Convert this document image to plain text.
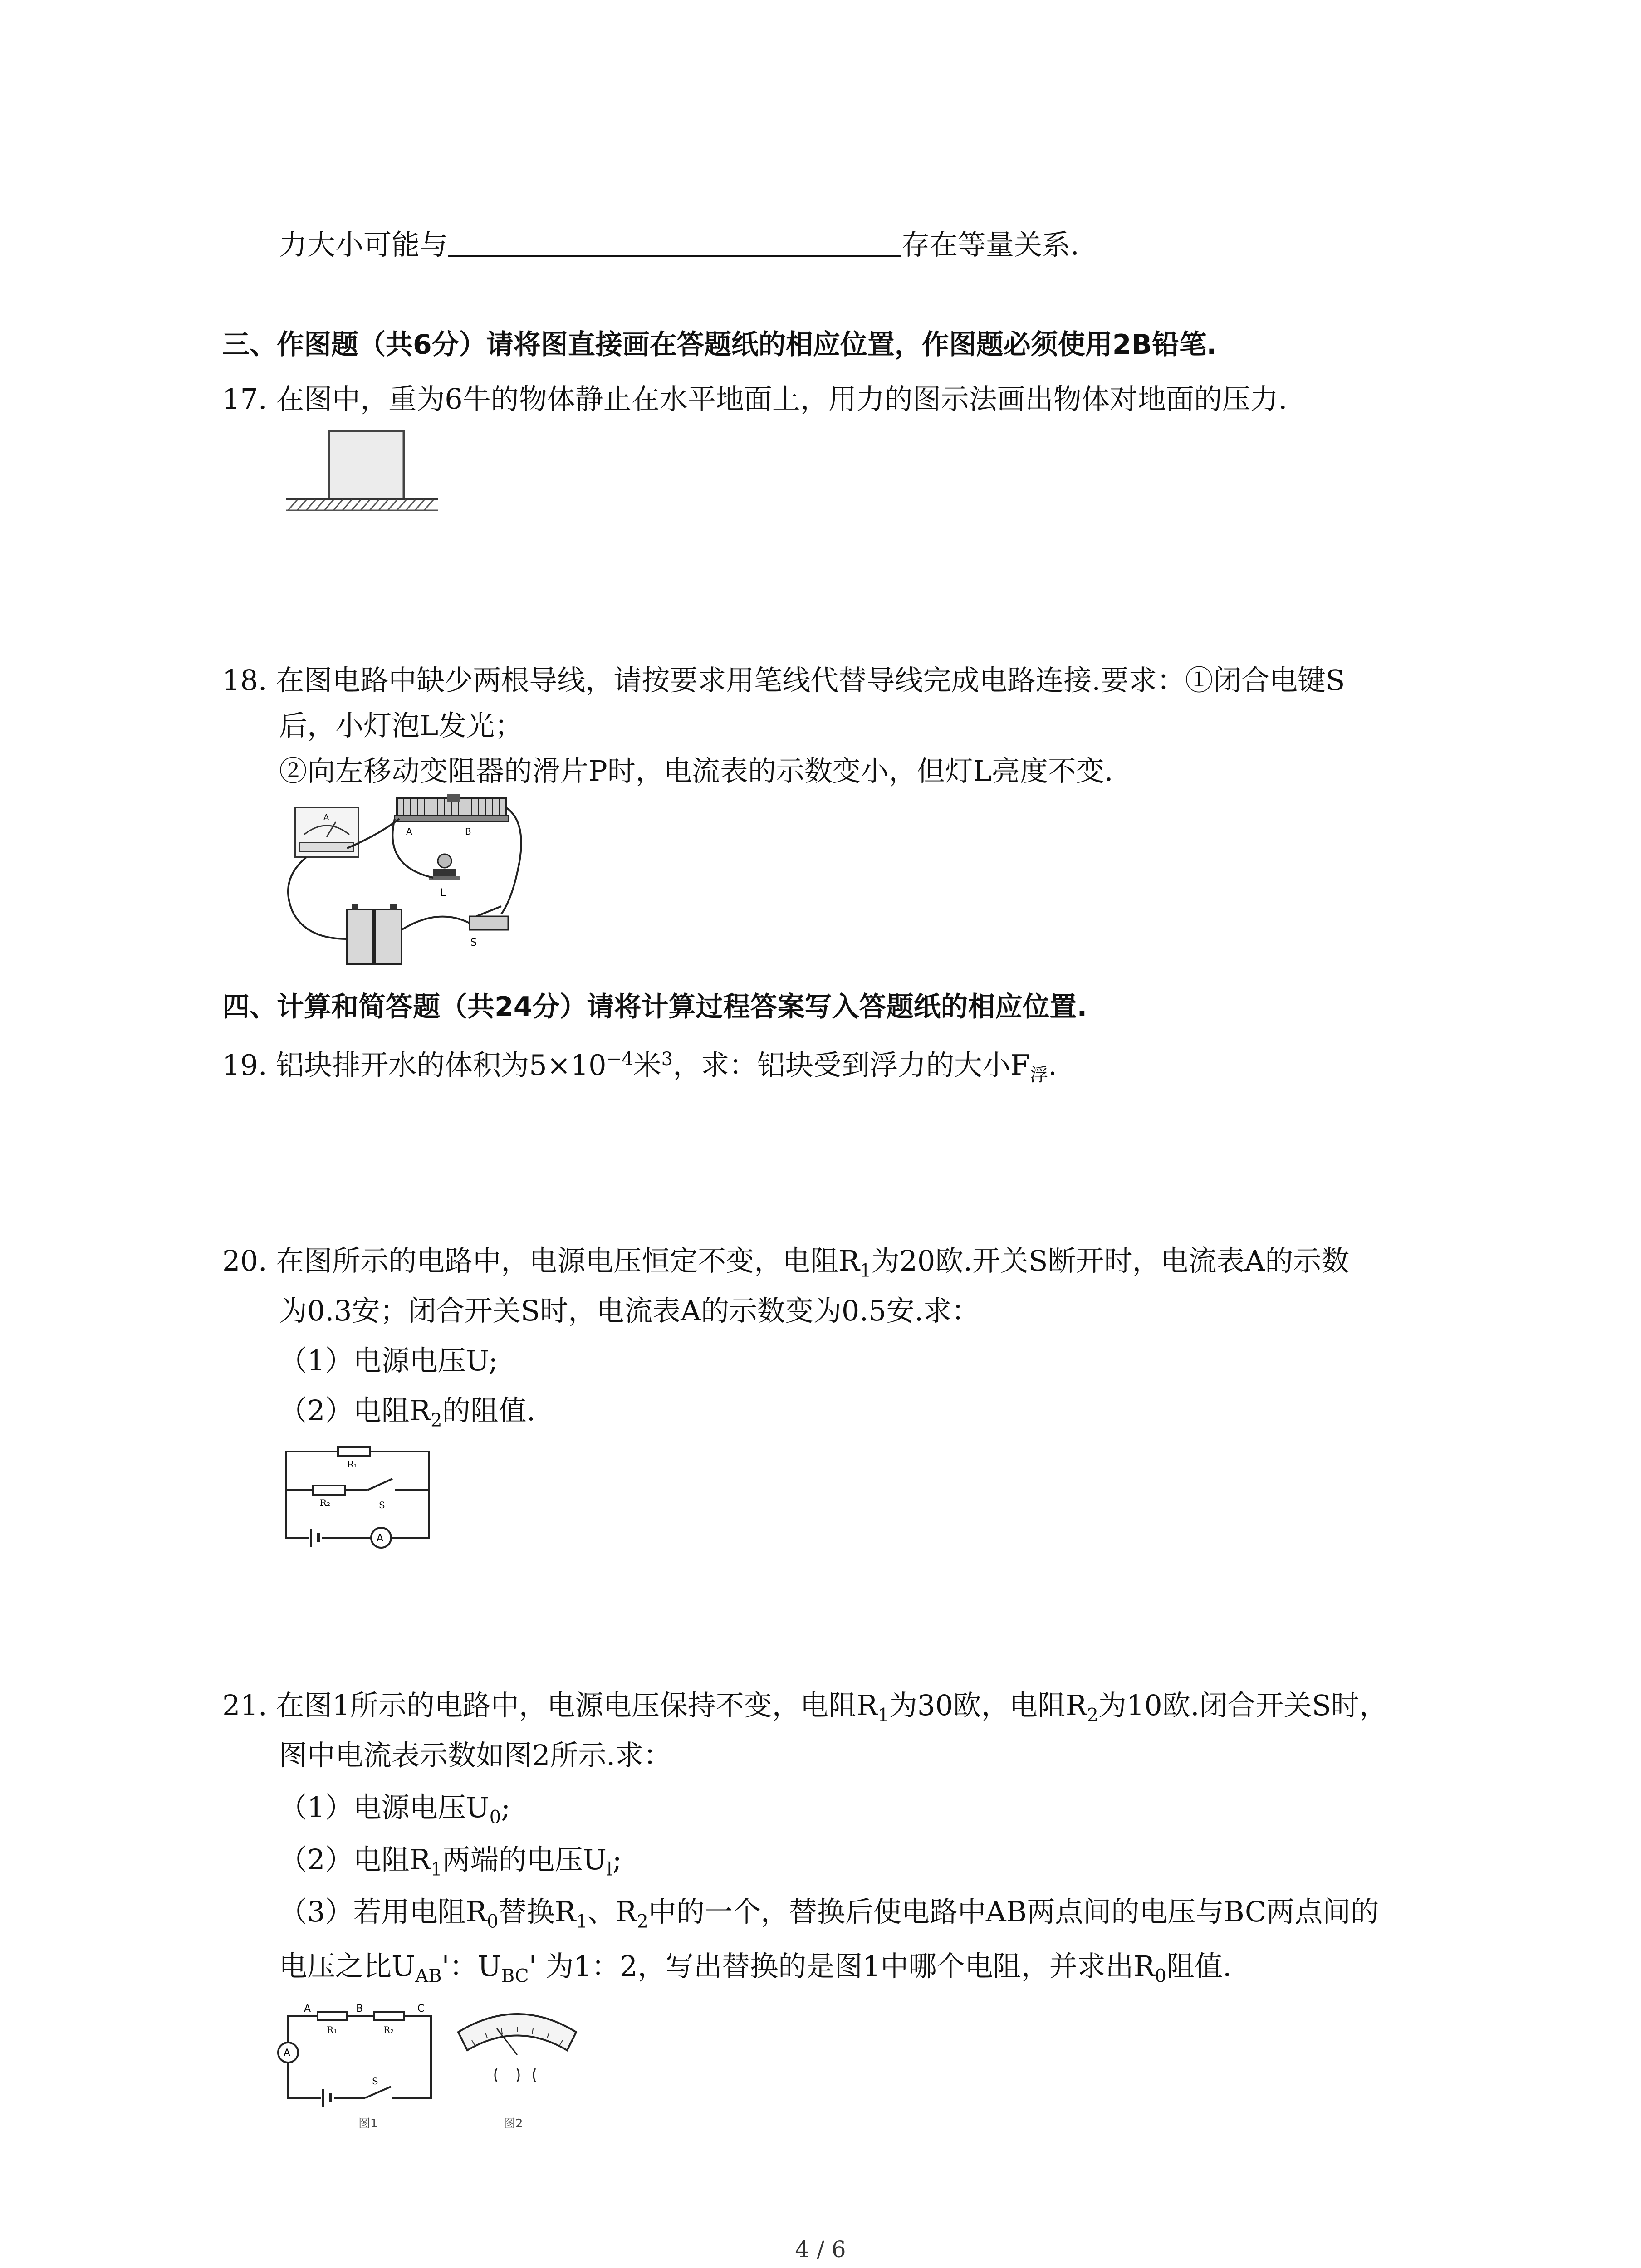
力大小可能与	存在等量关系.
三、作图题（共6分）请将图直接画在答题纸的相应位置，作图题必须使用2B铅笔.
17. 在图中，重为6牛的物体静止在水平地面上，用力的图示法画出物体对地面的压力.
18. 在图电路中缺少两根导线，请按要求用笔线代替导线完成电路连接.要求：①闭合电键S
后，小灯泡L发光；
②向左移动变阻器的滑片P时，电流表的示数变小，但灯L亮度不变.
A
A	B
L
S
四、计算和简答题（共24分）请将计算过程答案写入答题纸的相应位置.
19. 铝块排开水的体积为$5\times 10^{-4}$米$^3$，求：铝块受到浮力的大小$F_浮$.
20. 在图所示的电路中，电源电压恒定不变，电阻$R_1$为20欧.开关S断开时，电流表A的示数
为0.3安；闭合开关S时，电流表A的示数变为0.5安.求：
（1）电源电压U;
（2）电阻$R_2$的阻值.
R₁
R₂	S
A
21. 在图1所示的电路中，电源电压保持不变，电阻$R_1$为30欧，电阻$R_2$为10欧.闭合开关S时，
图中电流表示数如图2所示.求：
（1）电源电压$U_0$;
（2）电阻$R_1$两端的电压$U_l$;
（3）若用电阻$R_0$替换$R_1$、$R_2$中的一个，替换后使电路中AB两点间的电压与BC两点间的
电压之比$U_{AB}'$：$U_{BC}'$ 为1：2，写出替换的是图1中哪个电阻，并求出$R_0$阻值.
A	B	C
R₁	R₂
A
S
图1	图2
4 / 6
